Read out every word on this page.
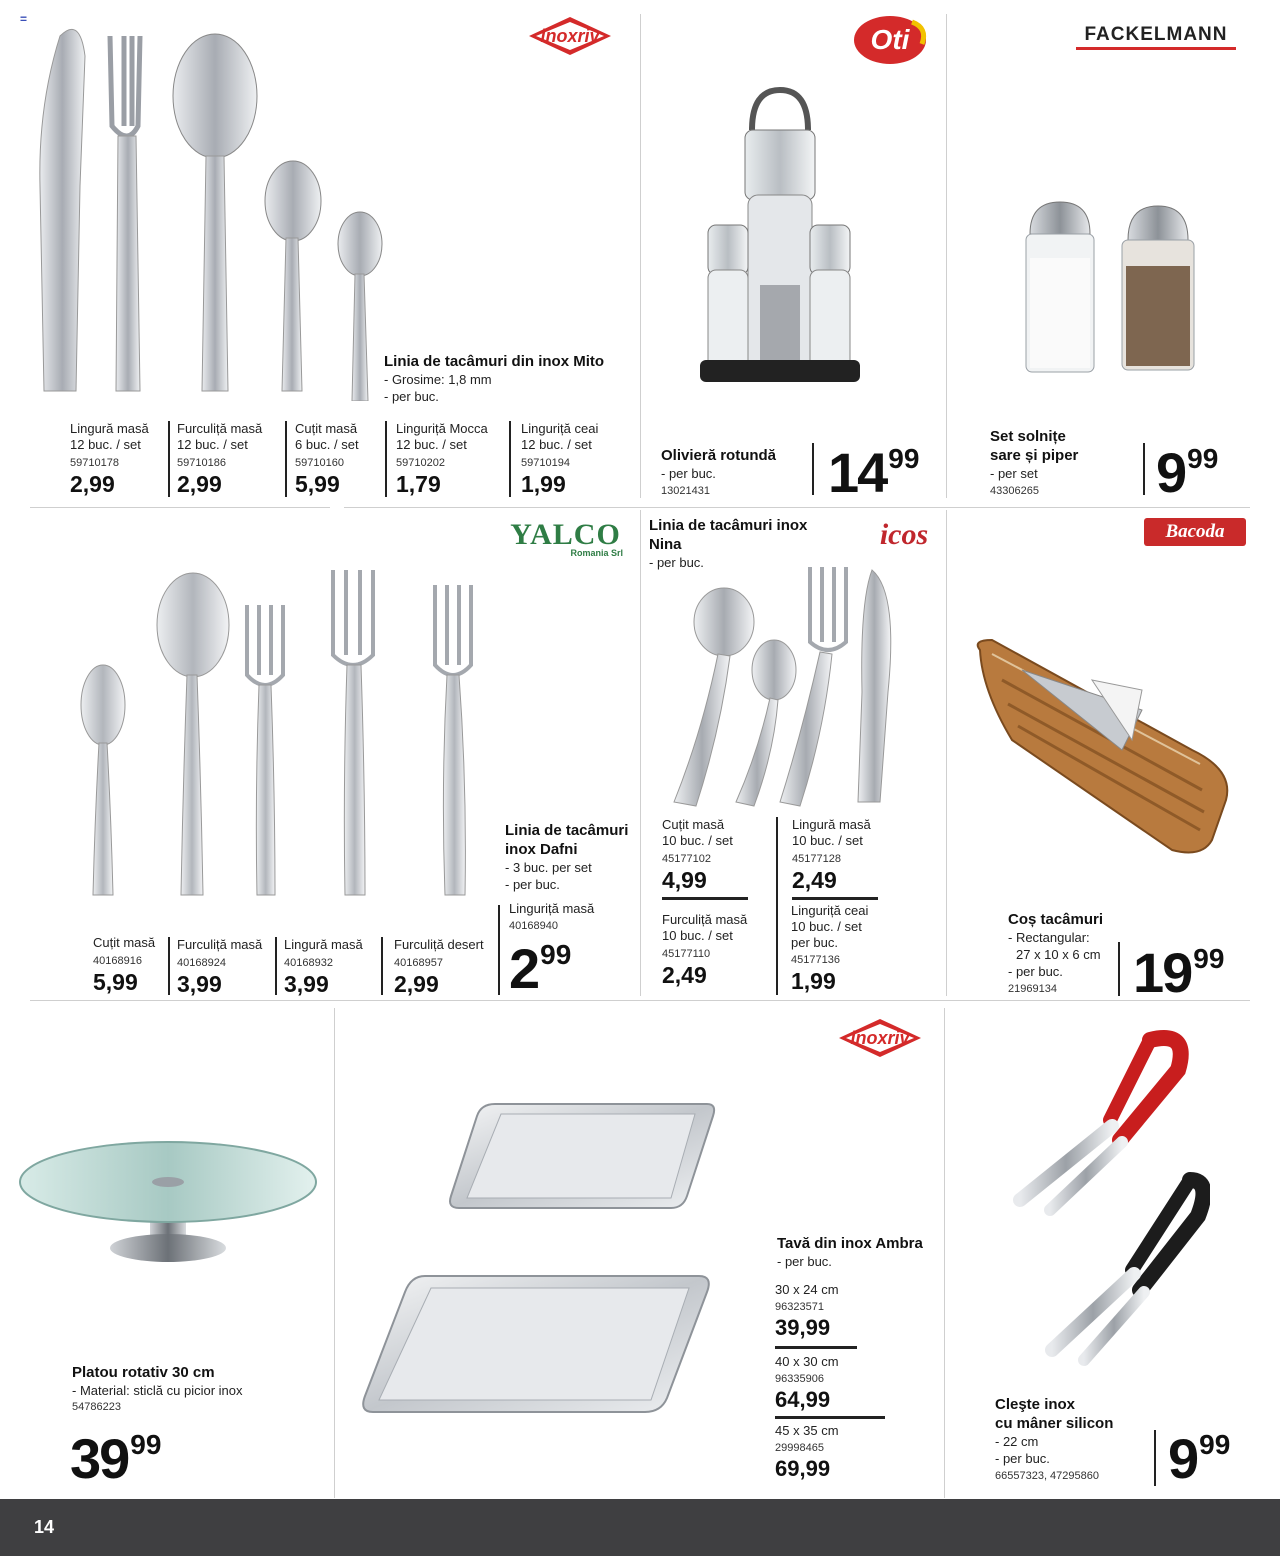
=
inoxriv
Linia de tacâmuri din inox Mito
- Grosime: 1,8 mm
- per buc.
Lingură masă
12 buc. / set
59710178
2,99
Furculiță masă
12 buc. / set
59710186
2,99
Cuțit masă
6 buc. / set
59710160
5,99
Linguriță Mocca
12 buc. / set
59710202
1,79
Linguriță ceai
12 buc. / set
59710194
1,99
Oti
Olivieră rotundă
- per buc.
13021431 1499
FACKELMANN
Set solnițe
sare și piper
- per set
43306265 999
YALCO
Romania Srl
Linia de tacâmuri
inox Dafni
- 3 buc. per set
- per buc.
Linguriță masă
40168940
299
Cuțit masă
40168916
5,99
Furculiță masă
40168924
3,99
Lingură masă
40168932
3,99
Furculiță desert
40168957
2,99
Linia de tacâmuri inox
Nina
- per buc.
icos
Cuțit masă
10 buc. / set
45177102
4,99
Furculiță masă
10 buc. / set
45177110
2,49
Lingură masă
10 buc. / set
45177128
2,49
Linguriță ceai
10 buc. / set
per buc.
45177136
1,99
Bacoda
Coș tacâmuri
- Rectangular:
27 x 10 x 6 cm
- per buc.
21969134 1999
Platou rotativ 30 cm
- Material: sticlă cu picior inox
54786223
3999
inoxriv
Tavă din inox Ambra
- per buc.
30 x 24 cm
96323571
39,99
40 x 30 cm
96335906
64,99
45 x 35 cm
29998465
69,99
Cleşte inox
cu mâner silicon
- 22 cm
- per buc.
66557323, 47295860 999
14
